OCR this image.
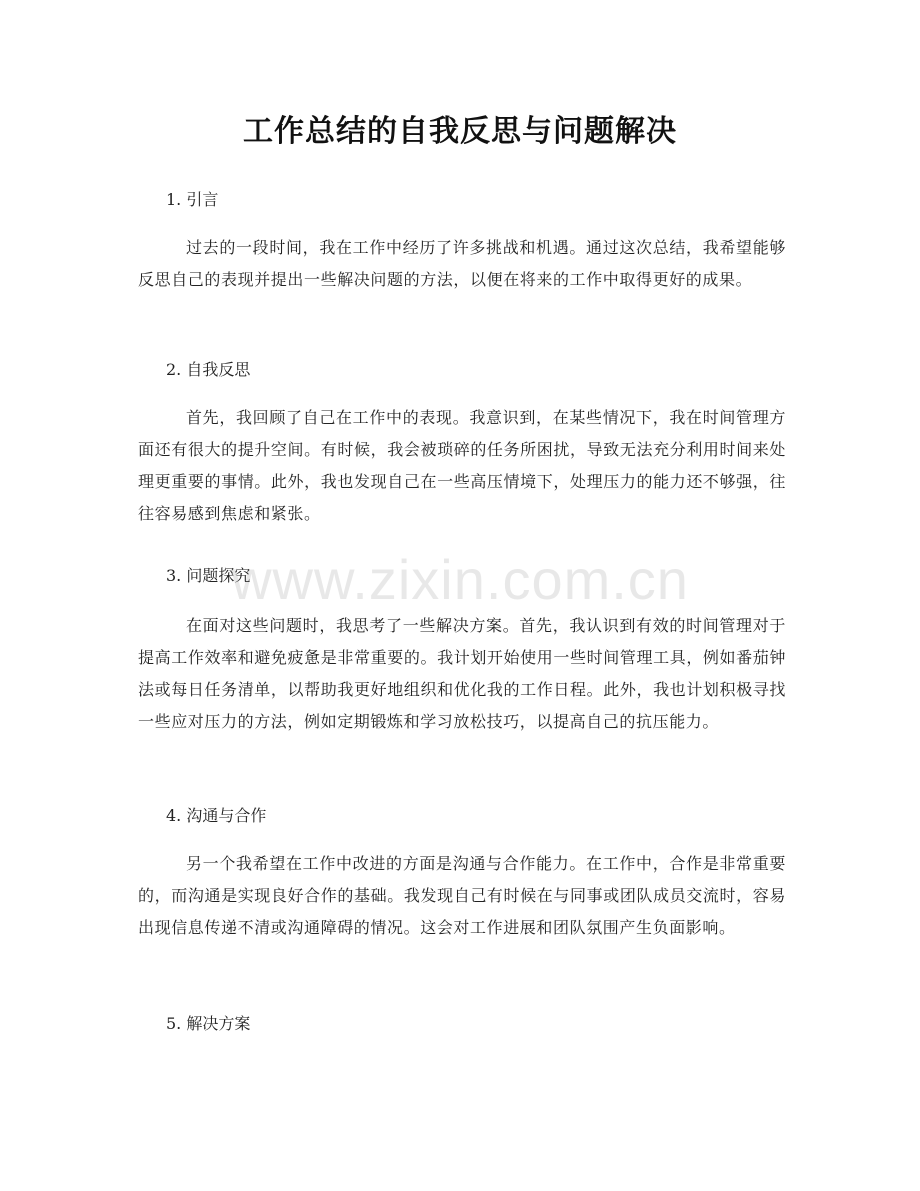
工作总结的自我反思与问题解决
1. 引言
过去的一段时间，我在工作中经历了许多挑战和机遇。通过这次总结，我希望能够反思自己的表现并提出一些解决问题的方法，以便在将来的工作中取得更好的成果。
2. 自我反思
首先，我回顾了自己在工作中的表现。我意识到，在某些情况下，我在时间管理方面还有很大的提升空间。有时候，我会被琐碎的任务所困扰，导致无法充分利用时间来处理更重要的事情。此外，我也发现自己在一些高压情境下，处理压力的能力还不够强，往往容易感到焦虑和紧张。
3. 问题探究
在面对这些问题时，我思考了一些解决方案。首先，我认识到有效的时间管理对于提高工作效率和避免疲惫是非常重要的。我计划开始使用一些时间管理工具，例如番茄钟法或每日任务清单，以帮助我更好地组织和优化我的工作日程。此外，我也计划积极寻找一些应对压力的方法，例如定期锻炼和学习放松技巧，以提高自己的抗压能力。
4. 沟通与合作
另一个我希望在工作中改进的方面是沟通与合作能力。在工作中，合作是非常重要的，而沟通是实现良好合作的基础。我发现自己有时候在与同事或团队成员交流时，容易出现信息传递不清或沟通障碍的情况。这会对工作进展和团队氛围产生负面影响。
5. 解决方案
www.zixin.com.cn
